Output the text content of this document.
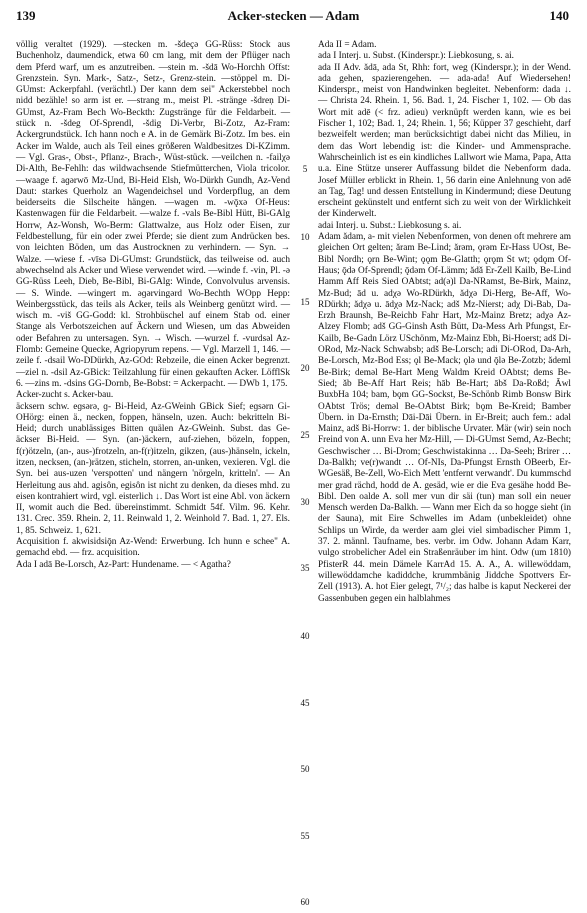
139	Acker-stecken — Adam	140

völlig veraltet (1929). —stecken m. -šdeçə GG-Rüss: Stock aus Buchenholz, daumendick, etwa 60 cm lang, mit dem der Pflüger nach dem Pferd warf, um es anzutreiben. —stein m. -šdā Wo-Horchh Offst: Grenzstein. Syn. Mark-, Satz-, Setz-, Grenz-stein. —stöppel m. Di-GUmst: Ackerpfahl. (verächtl.) Der kann dem sei" Ackerstebbel noch nidd bezähle! so arm ist er. —strang m., meist Pl. -stränge -šdreṇ Di-GUmst, Az-Fram Bech Wo-Beckth: Zugstränge für die Feldarbeit. —stück n. -šdeg Of-Sprendl, -šdig Di-Verbr, Bi-Zotz, Az-Fram: Ackergrundstück. Ich hann noch e A. in de Gemärk Bi-Zotz. Im bes. ein Acker im Walde, auch als Teil eines größeren Waldbesitzes Di-KZimm. — Vgl. Gras-, Obst-, Pflanz-, Brach-, Wüst-stück. —veilchen n. -failχə Di-Alth, Be-Fehlh: das wildwachsende Stiefmütterchen, Viola tricolor. —waage f. aɡərwō Mz-Und, Bi-Heid Elsh, Wo-Dürkh Gundh, Az-Vend Daut: starkes Querholz an Wagendeichsel und Vorderpflug, an dem beiderseits die Silscheite hängen. —wagen m. -wǭxə Of-Heus: Kastenwagen für die Feldarbeit. —walze f. -vals Be-Bibl Hütt, Bi-GAlg Horrw, Az-Wonsh, Wo-Berm: Glattwalze, aus Holz oder Eisen, zur Feldbestellung, für ein oder zwei Pferde; sie dient zum Andrücken bes. von leichten Böden, um das Austrocknen zu verhindern. — Syn. → Walze. —wiese f. -vīsə Di-GUmst: Grundstück, das teilweise od. auch abwechselnd als Acker und Wiese verwendet wird. —winde f. -vin, Pl. -ə GG-Rüss Leeh, Dieb, Be-Bibl, Bi-GAlg: Winde, Convolvulus arvensis. — S. Winde. —wingert m. əɡərvingərd Wo-Bechth WOpp Hepp: Weinbergsstück, das teils als Acker, teils als Weinberg genützt wird. —wisch m. -viš GG-Godd: kl. Strohbüschel auf einem Stab od. einer Stange als Verbotszeichen auf Äckern und Wiesen, um das Abweiden oder Befahren zu untersagen. Syn. → Wisch. —wurzel f. -vurdsəl Az-Flomb: Gemeine Quecke, Agriopyrum repens. — Vgl. Marzell 1, 146. —zeile f. -dsail Wo-DDürkh, Az-GOd: Rebzeile, die einen Acker begrenzt. —ziel n. -dsil Az-GBick: Teilzahlung für einen gekauften Acker. LöfflSk 6. —zins m. -dsins GG-Dornb, Be-Bobst: = Ackerpacht. — DWb 1, 175.

Acker-zucht s. Acker-bau.

äcksern schw. eɡsərə, ɡ- Bi-Heid, Az-GWeinh GBick Sief; eɡsərn Gi-OHörg: einen ä., necken, foppen, hänseln, uzen. Auch: bekritteln Bi-Heid; durch unablässiges Bitten quälen Az-GWeinh. Subst. das Ge-äckser Bi-Heid. — Syn. (an-)äckern, auf-ziehen, bözeln, foppen, f(r)ötzeln, (an-, aus-)frotzeln, an-f(r)itzeln, gikzen, (aus-)hänseln, ickeln, itzen, necksen, (an-)rätzen, sticheln, storren, an-unken, vexieren. Vgl. die Syn. bei aus-uzen 'verspotten' und nängern 'nörgeln, kritteln'. — An Herleitung aus ahd. agisôn, egisôn ist nicht zu denken, da dieses mhd. zu eisen kontrahiert wird, vgl. eisterlich ↓. Das Wort ist eine Abl. von äckern II, womit auch die Bed. übereinstimmt. Schmidt 54f. Vilm. 96. Kehr. 131. Crec. 359. Rhein. 2, 11. Reinwald 1, 2. Weinhold 7. Bad. 1, 27. Els. 1, 85. Schweiz. 1, 621.

Acquisition f. akwisidsiǭn Az-Wend: Erwerbung. Ich hunn e schee" A. gemachd ebd. — frz. acquisition.

Ada I adā Be-Lorsch, Az-Part: Hundename. — < Agatha?

5
10
15
20
25
30
35
40
45
50
55
60

Ada II = Adam.

ada I Interj. u. Subst. (Kinderspr.): Liebkosung, s. ai.

ada II Adv. ădā, ada St, Rhh: fort, weg (Kinderspr.); in der Wend. ada gehen, spazierengehen. — ada-ada! Auf Wiedersehen! Kinderspr., meist von Handwinken begleitet. Nebenform: dada ↓. — Christa 24. Rhein. 1, 56. Bad. 1, 24. Fischer 1, 102. — Ob das Wort mit adē (< frz. adieu) verknüpft werden kann, wie es bei Fischer 1, 102; Bad. 1, 24; Rhein. 1, 56; Küpper 37 geschieht, darf bezweifelt werden; man berücksichtigt dabei nicht das Milieu, in dem das Wort lebendig ist: die Kinder- und Ammensprache. Wahrscheinlich ist es ein kindliches Lallwort wie Mama, Papa, Atta u.a. Eine Stütze unserer Auffassung bildet die Nebenform dada. Josef Müller erblickt in Rhein. 1, 56 darin eine Anlehnung von adē an Tag, Tag! und dessen Entstellung in Kindermund; diese Deutung erscheint gekünstelt und entfernt sich zu weit von der Wirklichkeit der Kinderwelt.

adai Interj. u. Subst.: Liebkosung s. ai.

Adam ădam, a- mit vielen Nebenformen, von denen oft mehrere am gleichen Ort gelten; ăram Be-Lind; ărəm, ǫrəm Er-Hass UOst, Be-Bibl Nordh; ǫrn Be-Wint; ǫǫm Be-Glatth; ǫrǫm St wt; ǫdǫm Of-Haus; ǭdə Of-Sprendl; ǭdəm Of-Lämm; ădǎ Er-Zell Kailb, Be-Lind Hamm Aff Reis Sied OAbtst; ad(ə)l Da-NRamst, Be-Birk, Mainz, Mz-Bud; ād u. adχə Wo-RDürkh, ădχə Di-Herg, Be-Aff, Wo-RDürkh; ădχə u. ādχə Mz-Nack; adš Mz-Nierst; adχ Di-Bab, Da-Erzh Braunsh, Be-Reichb Fahr Hart, Mz-Mainz Bretz; adχə Az-Alzey Flomb; adš GG-Ginsh Asth Bütt, Da-Mess Arh Pfungst, Er-Kailb, Be-Gadn Lörz USchönm, Mz-Mainz Ebh, Bi-Hoerst; adš Di-ORod, Mz-Nack Schwabsb; adš Be-Lorsch; adi Di-ORod, Da-Arh, Be-Lorsch, Mz-Bod Ess; ǫl Be-Mack; ǫlə und ǭlə Be-Zotzb; ădeml Be-Birk; deməl Be-Hart Meng Waldm Kreid OAbtst; dems Be-Sied; ǎb Be-Aff Hart Reis; hāb Be-Hart; ābš Da-Roßd; Āwl BuxbHa 104; bam, bǫm GG-Sockst, Be-Schönb Rimb Bonsw Birk OAbtst Trös; deməl Be-OAbtst Birk; bǫm Be-Kreid; Bamber Übern. in Da-Ernsth; Dāi-Dāi Übern. in Er-Breit; auch fem.: adəl Mainz, adš Bi-Horrw: 1. der biblische Urvater. Mär (wir) sein noch Freind von A. unn Eva her Mz-Hill, — Di-GUmst Semd, Az-Becht; Geschwischer … Bi-Drom; Geschwistakinna … Da-Seeh; Brirer … Da-Balkh; ve(r)wandt … Of-NIs, Da-Pfungst Ernsth OBeerb, Er-WGesäß, Be-Zell, Wo-Eich Mett 'entfernt verwandt'. Du kummschd mer grad rächd, hodd de A. gesäd, wie er die Eva gesähe hodd Be-Bibl. Den oalde A. soll mer vun dir säi (tun) man soll ein neuer Mensch werden Da-Balkh. — Wann mer Eich da so hogge sieht (in der Sauna), mit Eire Schwelles im Adam (unbekleidet) ohne Schlips un Wirde, da werder aam glei viel simbadischer Pimm 1, 37. 2. männl. Taufname, bes. verbr. im Odw. Johann Adam Karr, vulgo strobelicher Adel ein Straßenräuber im hint. Odw (um 1810) PfisterR 44. mein Dämele KarrAd 15. A. A., A. willewöddam, willewöddamche kadiddche, krummbänig Jiddche Spottvers Er-Zell (1913). A. hot Eier gelegt, 7¹/₂; das halbe is kaput Neckerei der Gassenbuben gegen ein halblahmes
